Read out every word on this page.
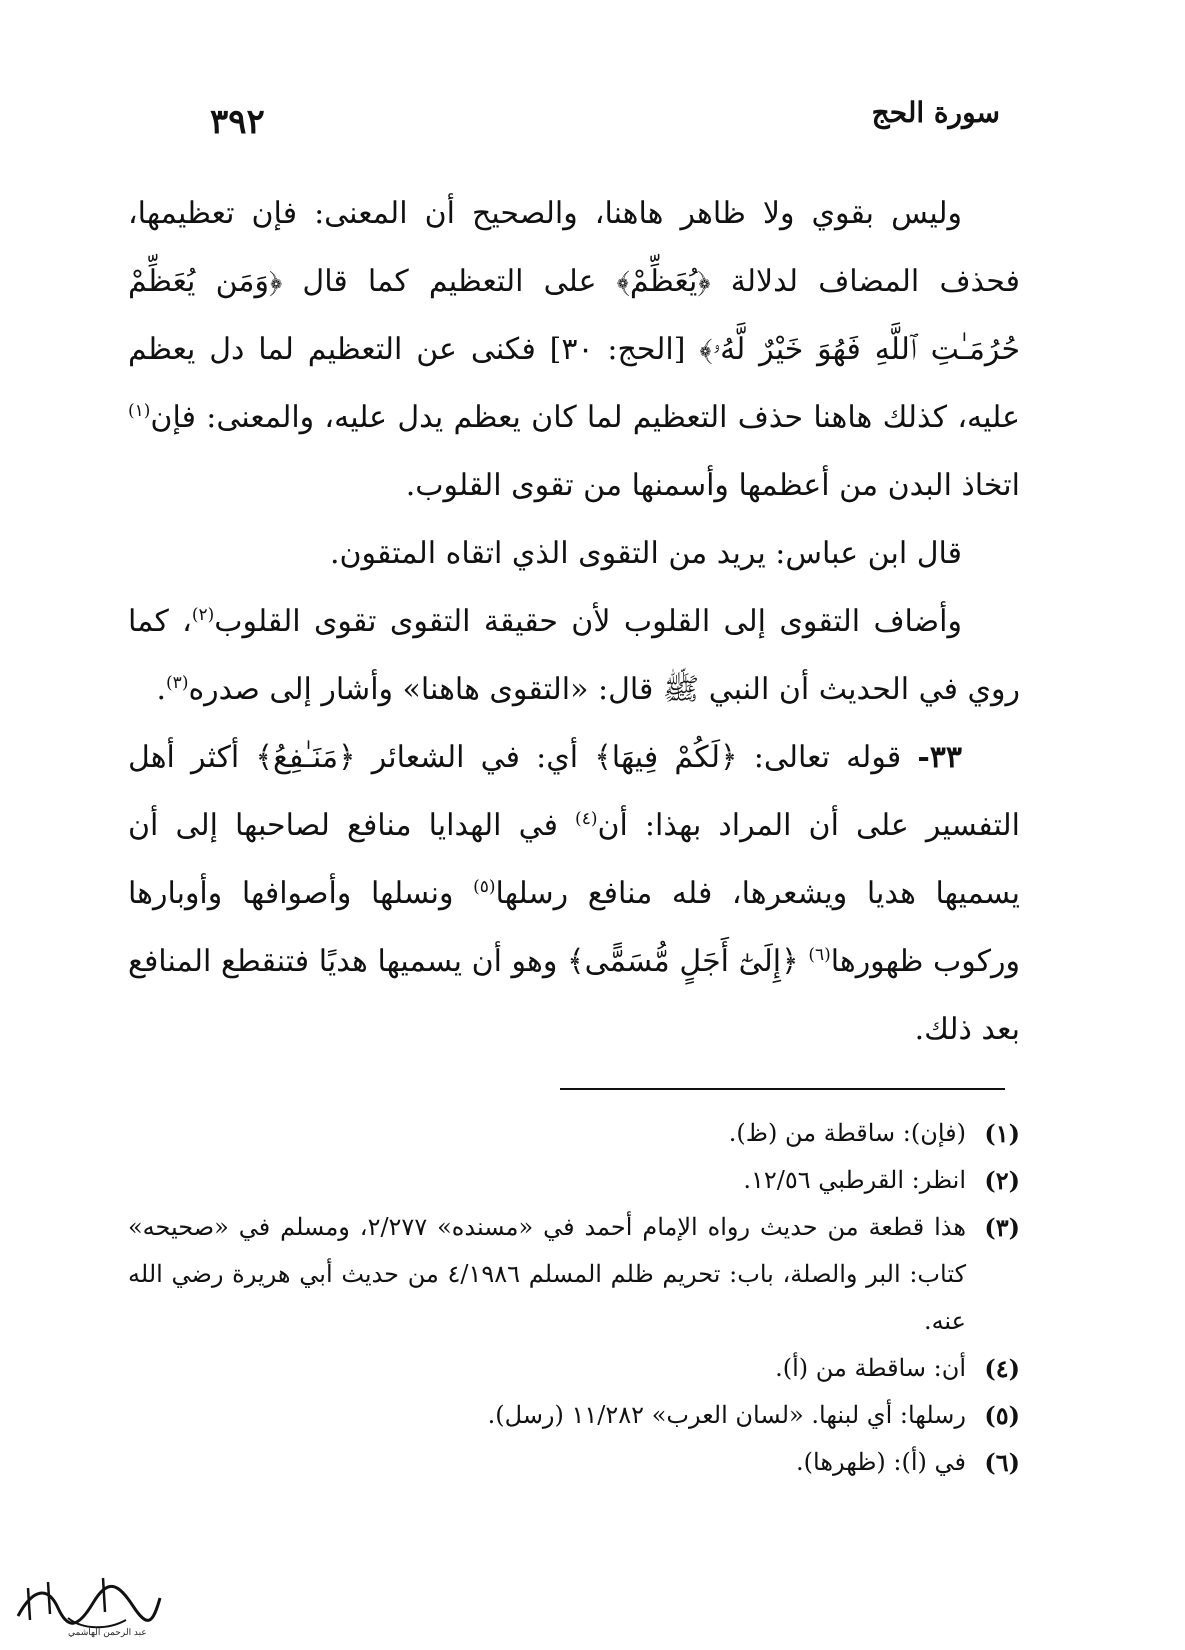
٣٩٢	سورة الحج

وليس بقوي ولا ظاهر هاهنا، والصحيح أن المعنى: فإن تعظيمها، فحذف المضاف لدلالة ﴿يُعَظِّمْ﴾ على التعظيم كما قال ﴿وَمَن يُعَظِّمْ حُرُمَـٰتِ ٱللَّهِ فَهُوَ خَيْرٌ لَّهُۥ﴾ [الحج: ٣٠] فكنى عن التعظيم لما دل يعظم عليه، كذلك هاهنا حذف التعظيم لما كان يعظم يدل عليه، والمعنى: فإن$^{(١)}$ اتخاذ البدن من أعظمها وأسمنها من تقوى القلوب.

قال ابن عباس: يريد من التقوى الذي اتقاه المتقون.

وأضاف التقوى إلى القلوب لأن حقيقة التقوى تقوى القلوب$^{(٢)}$، كما روي في الحديث أن النبي ﷺ قال: «التقوى هاهنا» وأشار إلى صدره$^{(٣)}$.

٣٣- قوله تعالى: ﴿لَكُمْ فِيهَا﴾ أي: في الشعائر ﴿مَنَـٰفِعُ﴾ أكثر أهل التفسير على أن المراد بهذا: أن$^{(٤)}$ في الهدايا منافع لصاحبها إلى أن يسميها هديا ويشعرها، فله منافع رسلها$^{(٥)}$ ونسلها وأصوافها وأوبارها وركوب ظهورها$^{(٦)}$ ﴿إِلَىٰٓ أَجَلٍ مُّسَمًّى﴾ وهو أن يسميها هديًا فتنقطع المنافع بعد ذلك.

(١)
(فإن): ساقطة من (ظ).
(٢)
انظر: القرطبي ١٢/٥٦.
(٣)
هذا قطعة من حديث رواه الإمام أحمد في «مسنده» ٢/٢٧٧، ومسلم في «صحيحه» كتاب: البر والصلة، باب: تحريم ظلم المسلم ٤/١٩٨٦ من حديث أبي هريرة رضي الله عنه.
(٤)
أن: ساقطة من (أ).
(٥)
رسلها: أي لبنها. «لسان العرب» ١١/٢٨٢ (رسل).
(٦)
في (أ): (ظهرها).
عبد الرحمن الهاشمي
